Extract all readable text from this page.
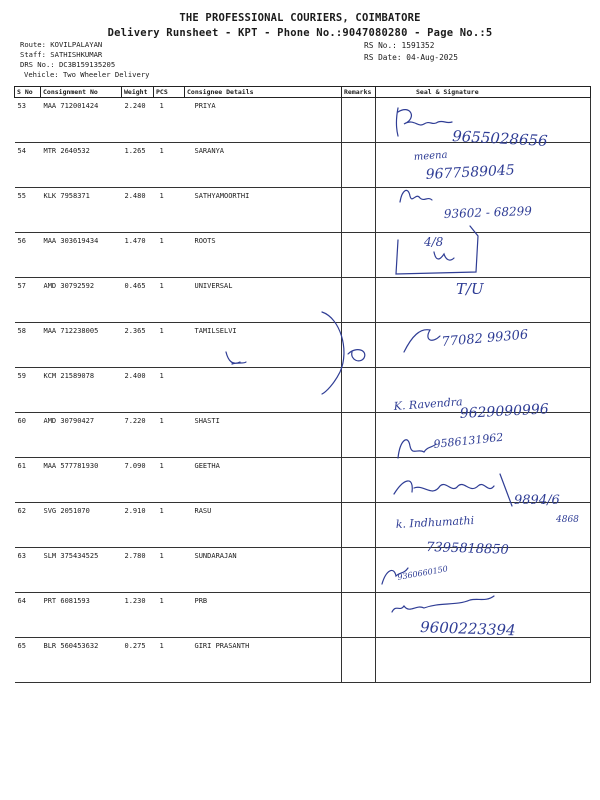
THE PROFESSIONAL COURIERS, COIMBATORE
Delivery Runsheet - KPT - Phone No.:9047080280 - Page No.:5
Route: KOVILPALAYAN
Staff: SATHISHKUMAR
DRS No.: DC3B159135205
Vehicle: Two Wheeler Delivery
RS No.: 1591352
RS Date: 04-Aug-2025
S No	Consignment No	Weight	PCS	Consignee Details	Remarks	Seal & Signature
53	MAA 712001424	2.240	1	PRIYA		
54	MTR 2640532	1.265	1	SARANYA		
55	KLK 7958371	2.480	1	SATHYAMOORTHI		
56	MAA 303619434	1.470	1	ROOTS		
57	AMD 30792592	0.465	1	UNIVERSAL		
58	MAA 712238005	2.365	1	TAMILSELVI		
59	KCM 21589078	2.400	1			
60	AMD 30790427	7.220	1	SHASTI		
61	MAA 577781930	7.090	1	GEETHA		
62	SVG 2051070	2.910	1	RASU		
63	SLM 375434525	2.780	1	SUNDARAJAN		
64	PRT 6081593	1.230	1	PRB		
65	BLR 560453632	0.275	1	GIRI PRASANTH		
9655028656
meena
9677589045
93602 - 68299
4/8
T/U
77082 99306
K. Ravendra
9629090996
9586131962
9894/6
4868
k. Indhumathi
7395818850
9360660150
9600223394
